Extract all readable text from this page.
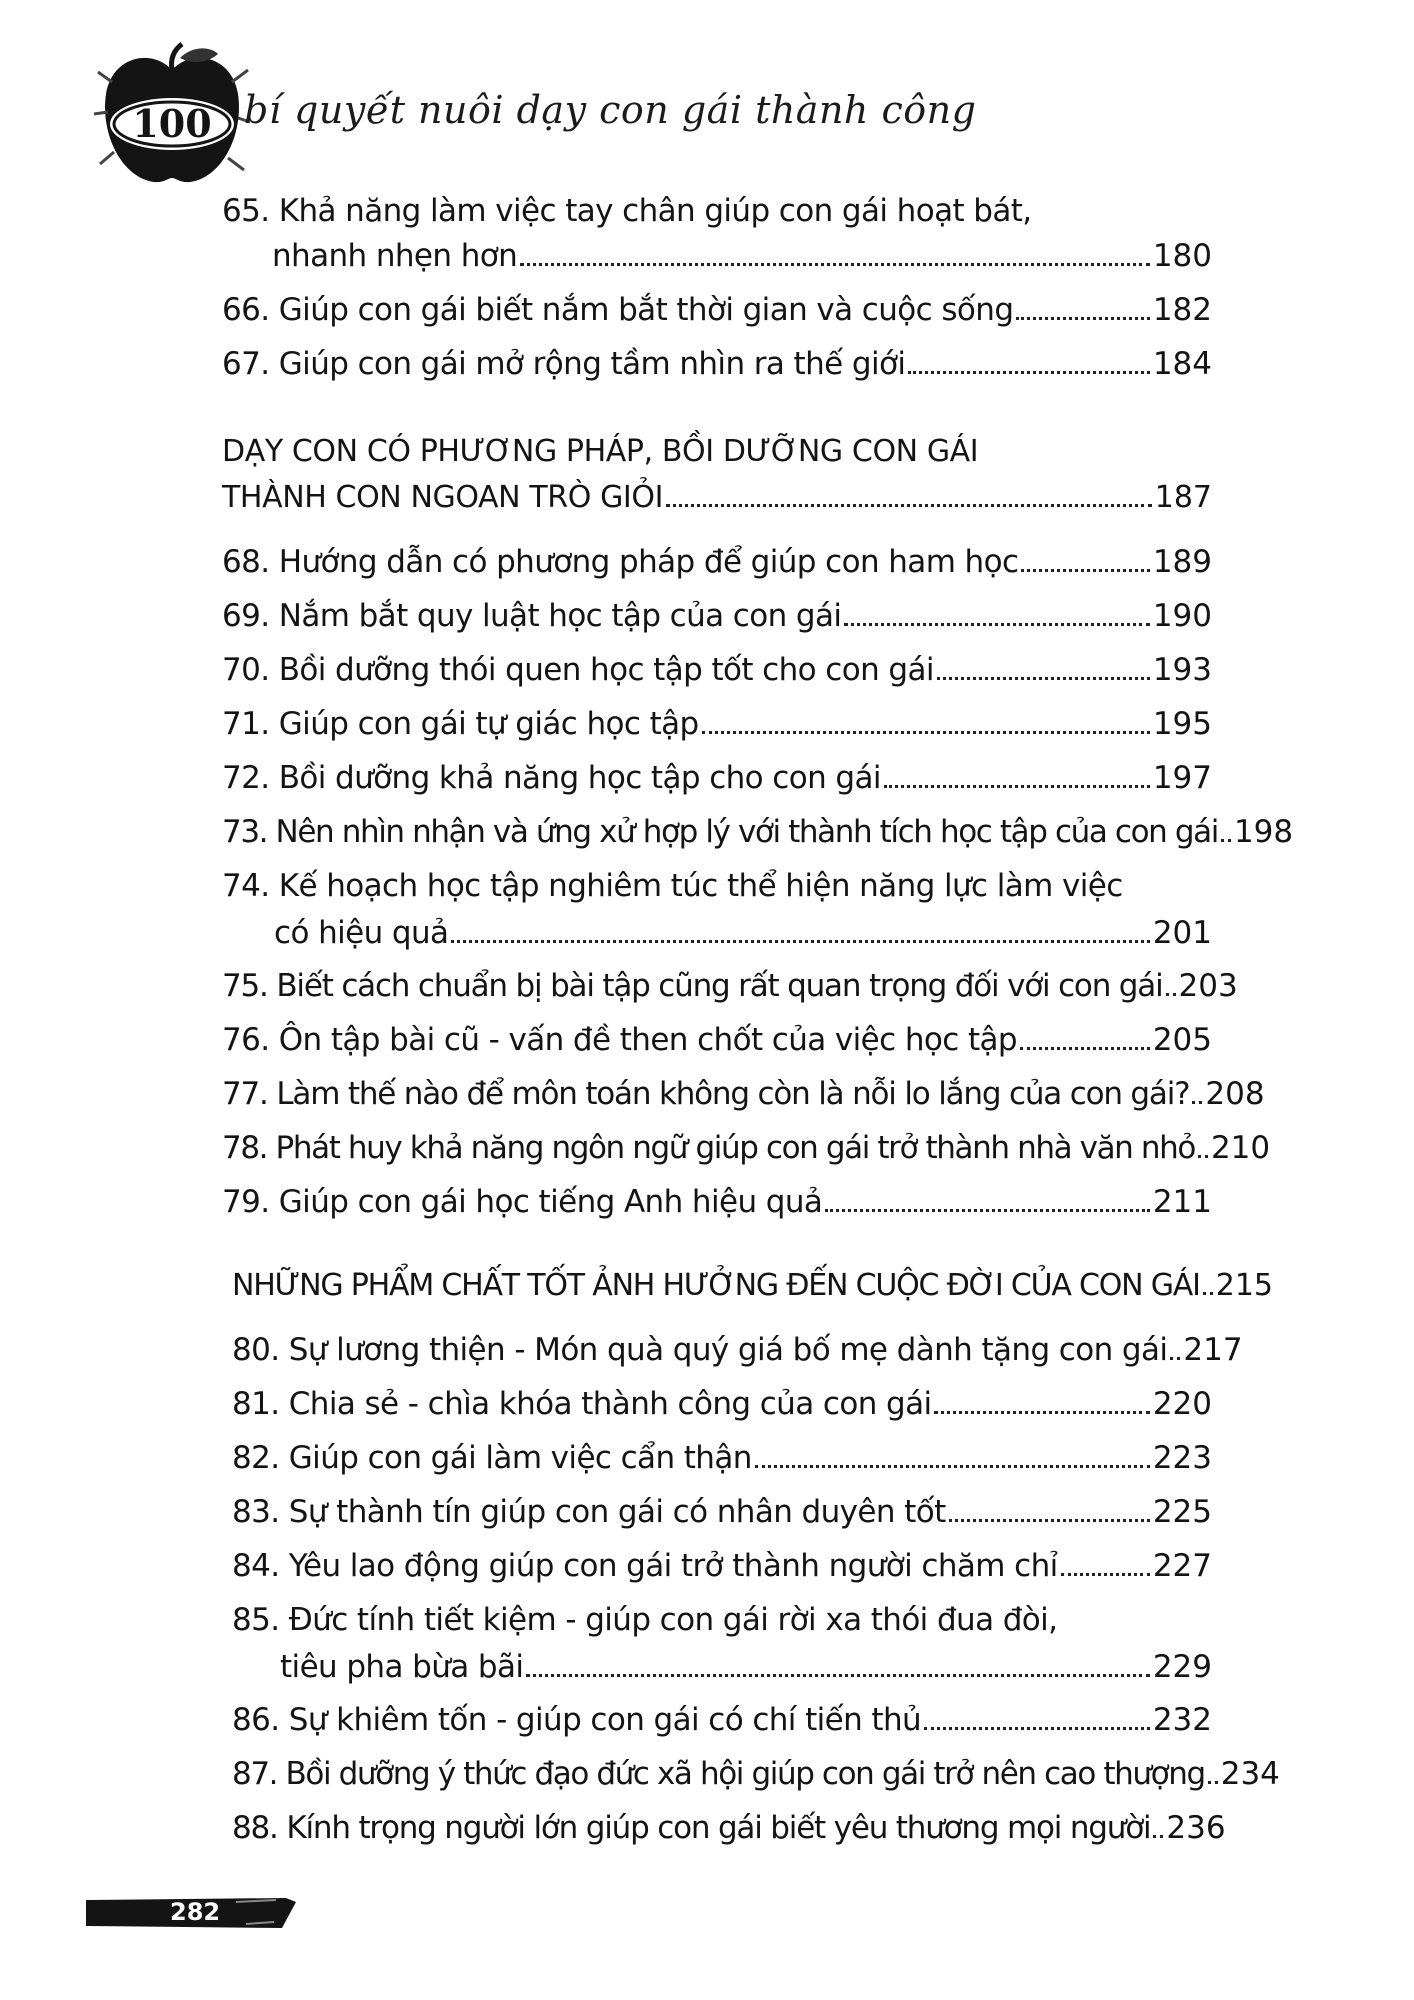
100 bí quyết nuôi dạy con gái thành công
65. Khả năng làm việc tay chân giúp con gái hoạt bát,
nhanh nhẹn hơn	180
66. Giúp con gái biết nắm bắt thời gian và cuộc sống	182
67. Giúp con gái mở rộng tầm nhìn ra thế giới	184
DẠY CON CÓ PHƯƠNG PHÁP, BỒI DƯỠNG CON GÁI
THÀNH CON NGOAN TRÒ GIỎI	187
68. Hướng dẫn có phương pháp để giúp con ham học	189
69. Nắm bắt quy luật học tập của con gái	190
70. Bồi dưỡng thói quen học tập tốt cho con gái	193
71. Giúp con gái tự giác học tập	195
72. Bồi dưỡng khả năng học tập cho con gái	197
73. Nên nhìn nhận và ứng xử hợp lý với thành tích học tập của con gái 198
74. Kế hoạch học tập nghiêm túc thể hiện năng lực làm việc
có hiệu quả	201
75. Biết cách chuẩn bị bài tập cũng rất quan trọng đối với con gái 203
76. Ôn tập bài cũ - vấn đề then chốt của việc học tập	205
77. Làm thế nào để môn toán không còn là nỗi lo lắng của con gái? 208
78. Phát huy khả năng ngôn ngữ giúp con gái trở thành nhà văn nhỏ 210
79. Giúp con gái học tiếng Anh hiệu quả	211
NHỮNG PHẨM CHẤT TỐT ẢNH HƯỞNG ĐẾN CUỘC ĐỜI CỦA CON GÁI 215
80. Sự lương thiện - Món quà quý giá bố mẹ dành tặng con gái 217
81. Chia sẻ - chìa khóa thành công của con gái	220
82. Giúp con gái làm việc cẩn thận	223
83. Sự thành tín giúp con gái có nhân duyên tốt	225
84. Yêu lao động giúp con gái trở thành người chăm chỉ	227
85. Đức tính tiết kiệm - giúp con gái rời xa thói đua đòi,
tiêu pha bừa bãi	229
86. Sự khiêm tốn - giúp con gái có chí tiến thủ	232
87. Bồi dưỡng ý thức đạo đức xã hội giúp con gái trở nên cao thượng 234
88. Kính trọng người lớn giúp con gái biết yêu thương mọi người 236
282
